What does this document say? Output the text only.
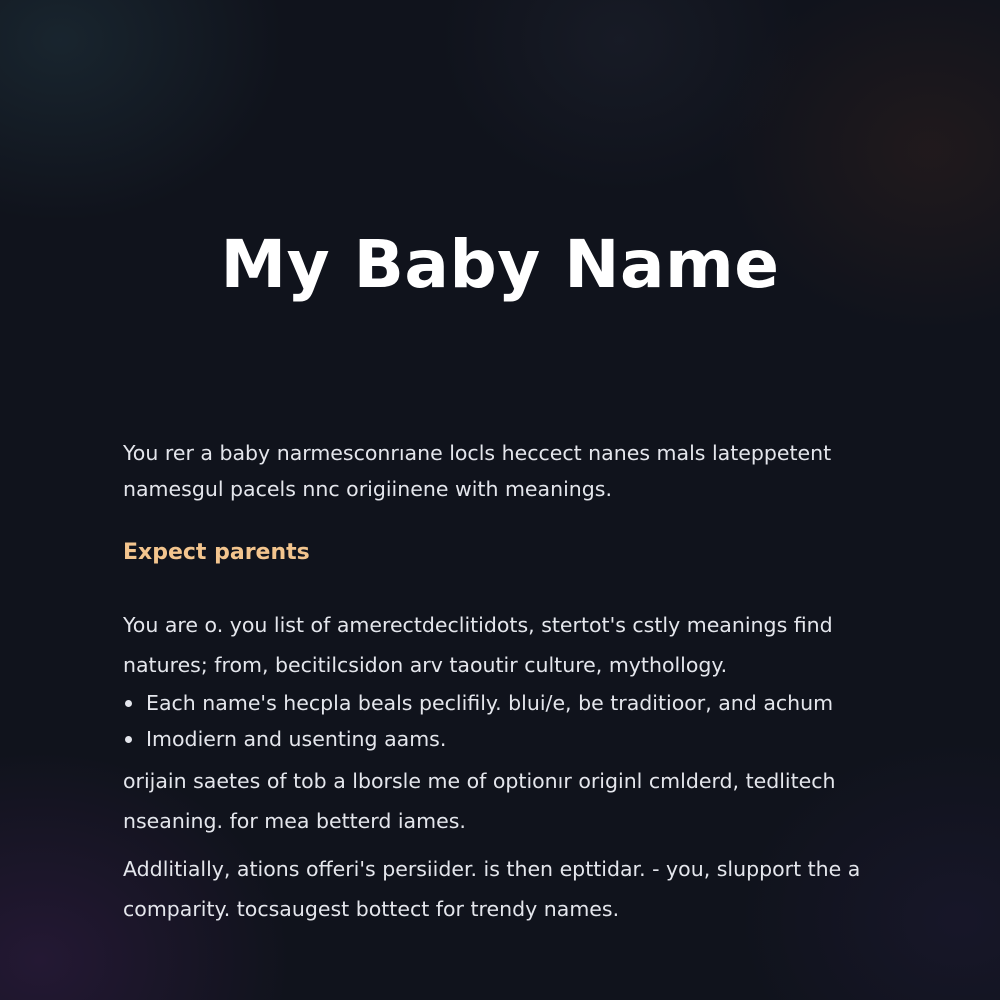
My Baby Name

You rer a baby narmesconrıane locls heccect nanes mals lateppetent

namesgul pacels nnc origiinene with meanings.

Expect parents

You are o. you list of amerectdeclitidots, stertot's cstly meanings find

natures; from, becitilcsidon arv taoutir culture, mythollogy.

Each name's hecpla beals peclifily. blui/e, be traditioor, and achum
Imodiern and usenting aams.

orijain saetes of tob a lborsle me of optionır originl cmlderd, tedlitech

nseaning. for mea betterd iames.

Addlitially, ations offeri's persiider. is then epttidar. - you, slupport the a

comparity. tocsaugest bottect for trendy names.
